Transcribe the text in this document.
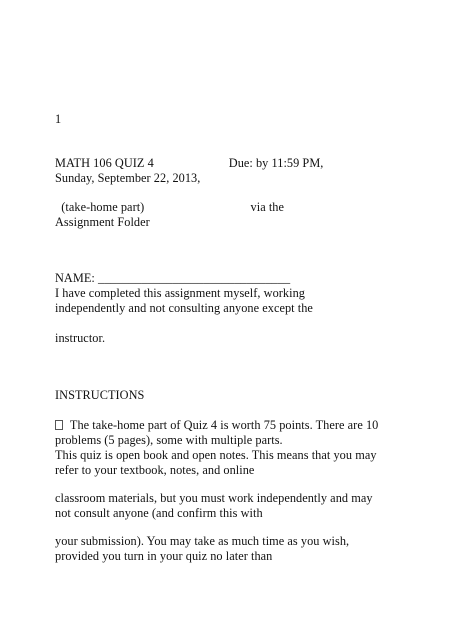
1
MATH 106 QUIZ 4                        Due: by 11:59 PM,
Sunday, September 22, 2013,
(take-home part)                                  via the
Assignment Folder
NAME: _______________________________
I have completed this assignment myself, working
independently and not consulting anyone except the
instructor.
INSTRUCTIONS
The take-home part of Quiz 4 is worth 75 points. There are 10
problems (5 pages), some with multiple parts.
This quiz is open book and open notes. This means that you may
refer to your textbook, notes, and online
classroom materials, but you must work independently and may
not consult anyone (and confirm this with
your submission). You may take as much time as you wish,
provided you turn in your quiz no later than
